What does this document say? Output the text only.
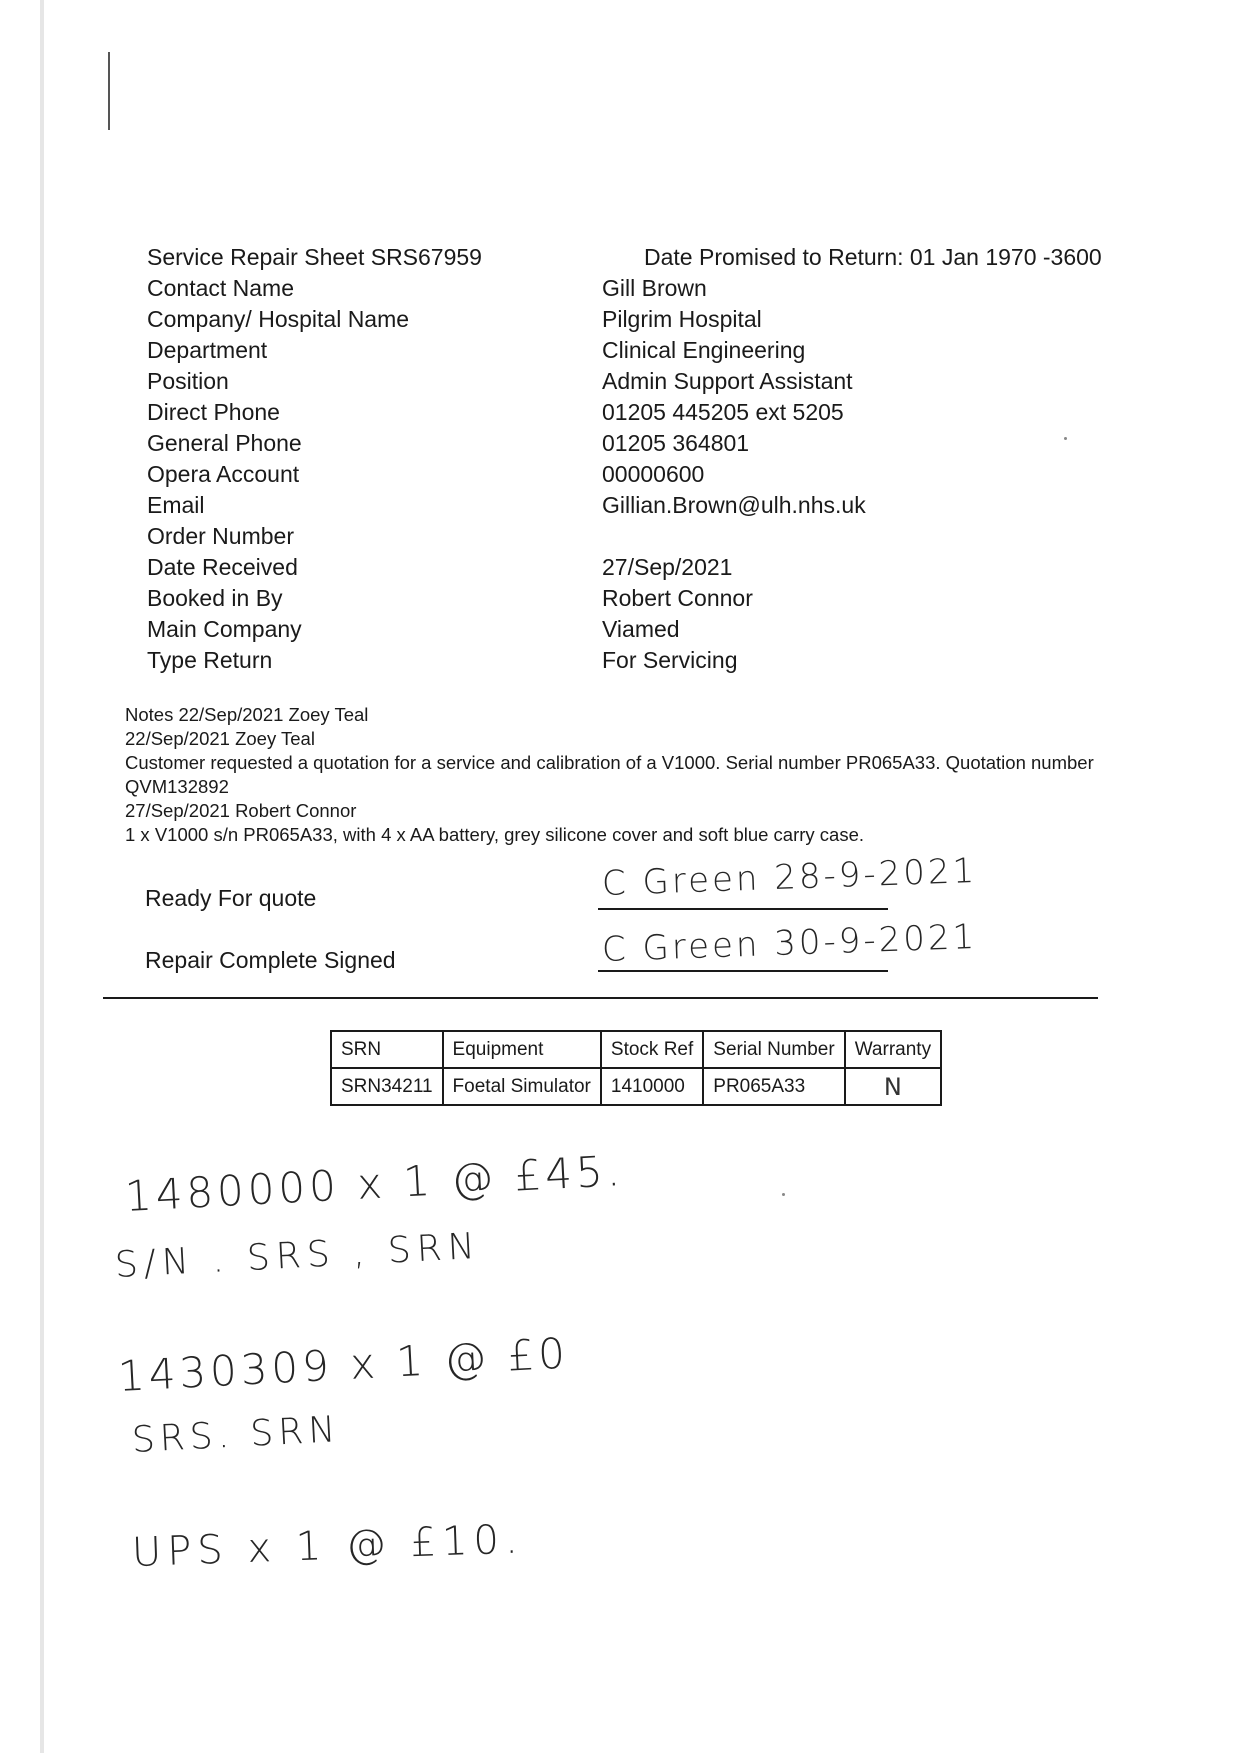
Service Repair Sheet SRS67959	Date Promised to Return: 01 Jan 1970 -3600
Contact Name	Gill Brown
Company/ Hospital Name	Pilgrim Hospital
Department	Clinical Engineering
Position	Admin Support Assistant
Direct Phone	01205 445205 ext 5205
General Phone	01205 364801
Opera Account	00000600
Email	Gillian.Brown@ulh.nhs.uk
Order Number
Date Received	27/Sep/2021
Booked in By	Robert Connor
Main Company	Viamed
Type Return	For Servicing
Notes 22/Sep/2021 Zoey Teal
22/Sep/2021 Zoey Teal
Customer requested a quotation for a service and calibration of a V1000. Serial number PR065A33. Quotation number
QVM132892
27/Sep/2021 Robert Connor
1 x V1000 s/n PR065A33, with 4 x AA battery, grey silicone cover and soft blue carry case.
Ready For quote	C Green 28-9-2021
Repair Complete Signed	C Green 30-9-2021
SRN	Equipment	Stock Ref	Serial Number	Warranty
SRN34211	Foetal Simulator	1410000	PR065A33	N
1480000 x 1 @ £45.
S/N . SRS , SRN
1430309 x 1 @ £0
SRS. SRN
UPS x 1 @ £10.
